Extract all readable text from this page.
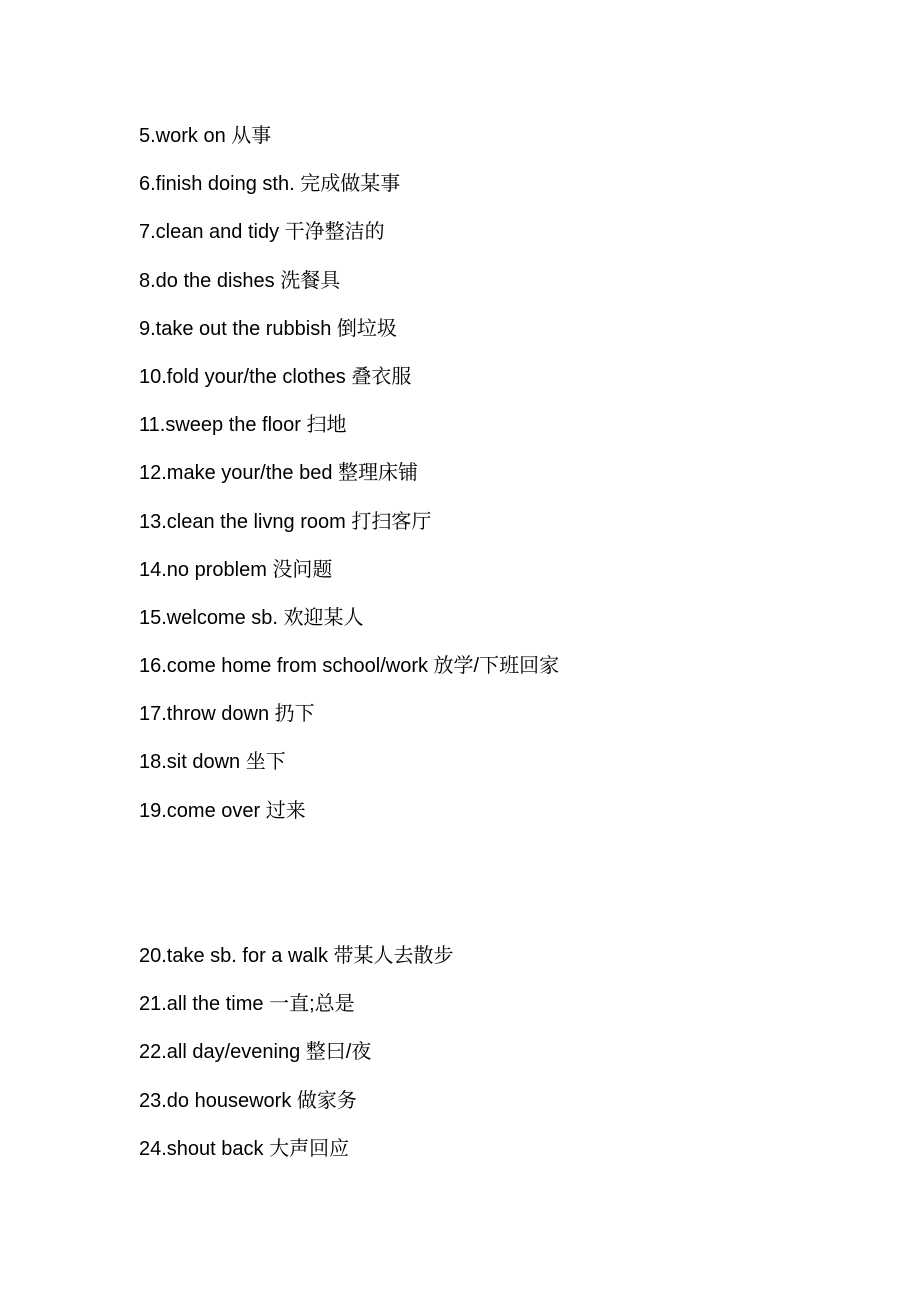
5.work on 从事
6.finish doing sth. 完成做某事
7.clean and tidy 干净整洁的
8.do the dishes 洗餐具
9.take out the rubbish 倒垃圾
10.fold your/the clothes 叠衣服
11.sweep the floor 扫地
12.make your/the bed 整理床铺
13.clean the livng room 打扫客厅
14.no problem 没问题
15.welcome sb. 欢迎某人
16.come home from school/work 放学/下班回家
17.throw down 扔下
18.sit down 坐下
19.come over 过来
20.take sb. for a walk 带某人去散步
21.all the time 一直;总是
22.all day/evening 整曰/夜
23.do housework 做家务
24.shout back 大声回应
